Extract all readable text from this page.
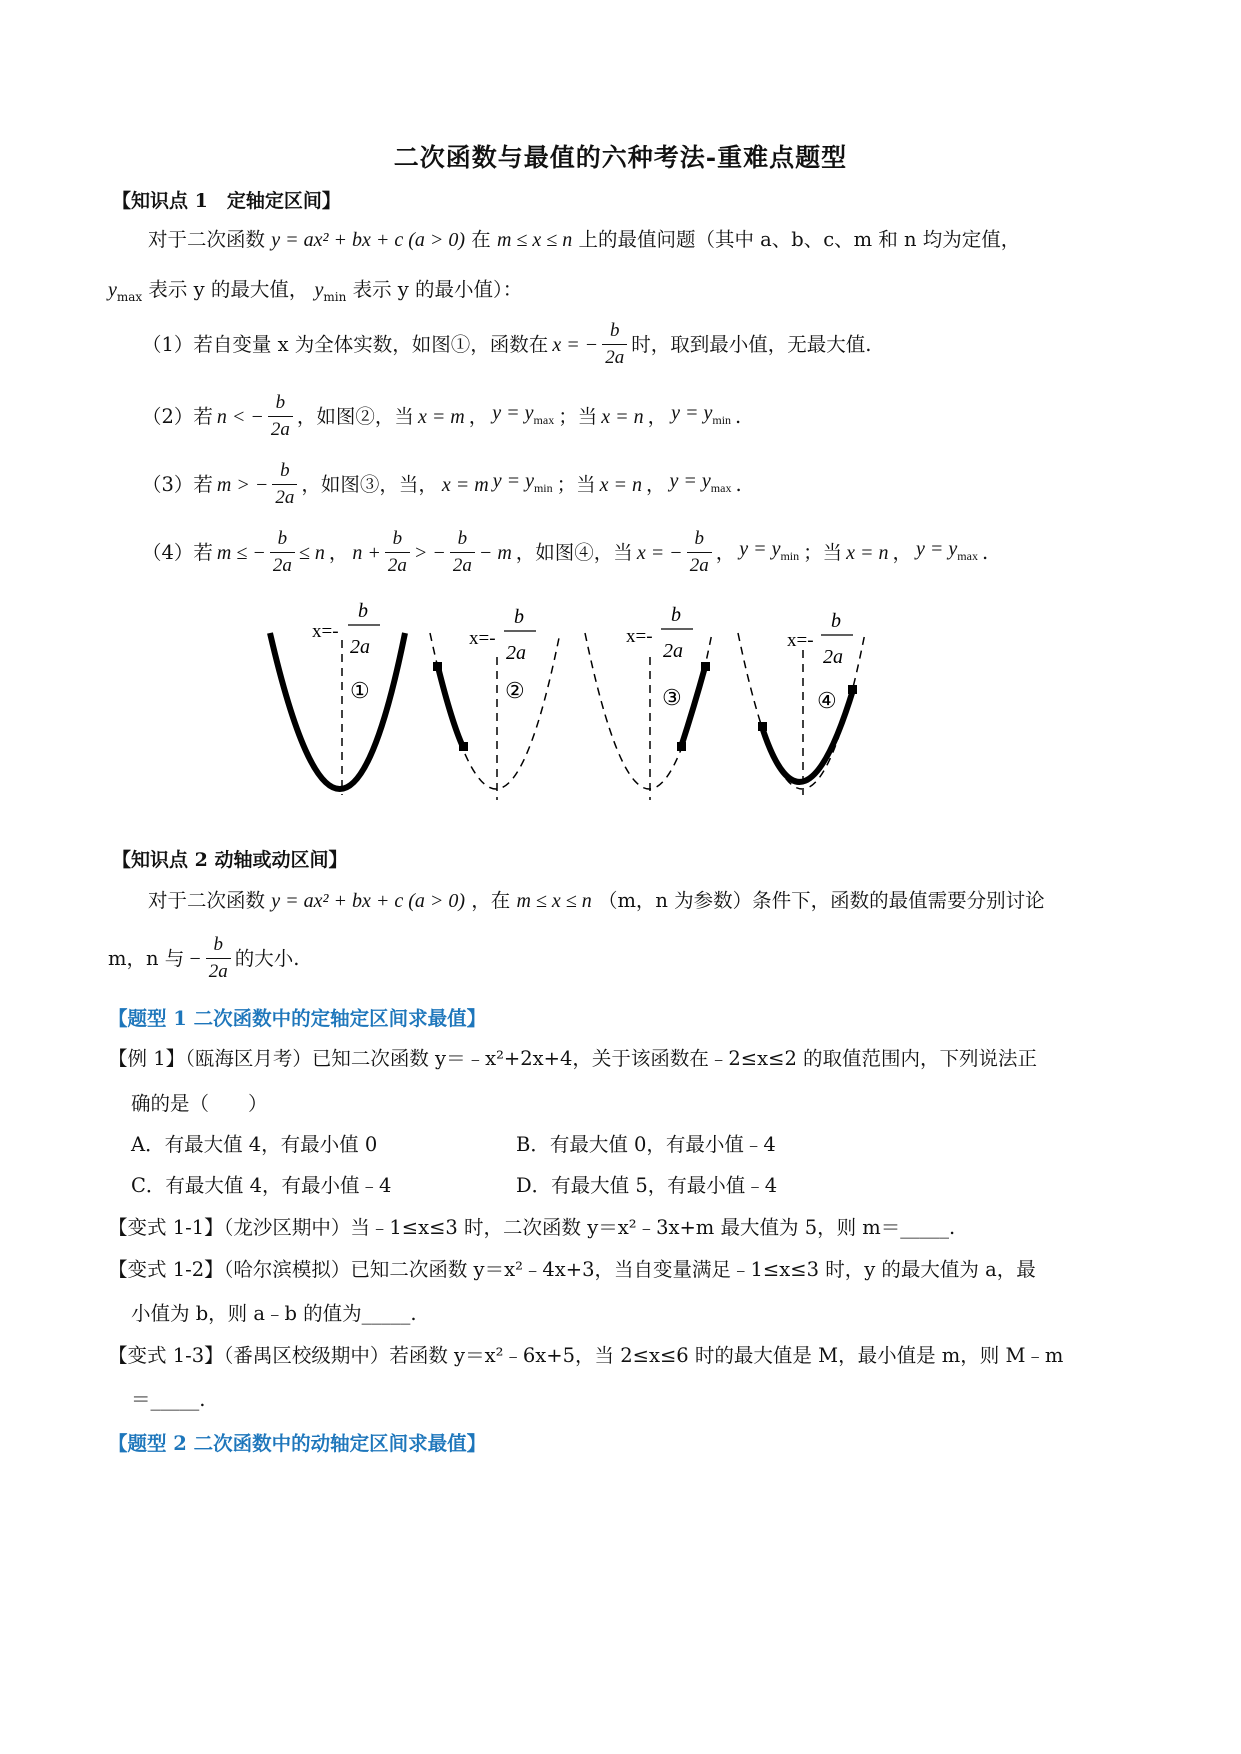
二次函数与最值的六种考法-重难点题型
【知识点 1　定轴定区间】
对于二次函数 y = ax² + bx + c (a > 0) 在 m ≤ x ≤ n 上的最值问题（其中 a、b、c、m 和 n 均为定值，
$y_{max}$ 表示 y 的最大值， $y_{min}$ 表示 y 的最小值）：
（1）若自变量 x 为全体实数，如图①，函数在 x = − $\frac{b}{2a}$ 时，取到最小值，无最大值.
（2）若 n < − $\frac{b}{2a}$ ，如图②，当 x = m ， $y = y_{max}$ ；当 x = n ， $y = y_{min}$ .
（3）若 m > − $\frac{b}{2a}$ ，如图③，当， x = m $y = y_{min}$ ；当 x = n ， $y = y_{max}$ .
（4）若 m ≤ − $\frac{b}{2a} \le n$ ， $n + \frac{b}{2a}$ > − $\frac{b}{2a} - m$ ，如图④，当 x = − $\frac{b}{2a}$ ， $y = y_{min}$ ；当 x = n ， $y = y_{max}$ .
x=-
b
2a
①
x=-
b
2a
②
x=-
b
2a
③
x=-
b
2a
④
【知识点 2 动轴或动区间】
对于二次函数 y = ax² + bx + c (a > 0) ，在 m ≤ x ≤ n （m，n 为参数）条件下，函数的最值需要分别讨论
m，n 与 − $\frac{b}{2a}$ 的大小.
【题型 1 二次函数中的定轴定区间求最值】
【例 1】（瓯海区月考）已知二次函数 y＝﹣x²+2x+4，关于该函数在﹣2≤x≤2 的取值范围内，下列说法正
确的是（　　）
A．有最大值 4，有最小值 0	B．有最大值 0，有最小值﹣4
C．有最大值 4，有最小值﹣4	D．有最大值 5，有最小值﹣4
【变式 1-1】（龙沙区期中）当﹣1≤x≤3 时，二次函数 y＝x²﹣3x+m 最大值为 5，则 m＝_____.
【变式 1-2】（哈尔滨模拟）已知二次函数 y＝x²﹣4x+3，当自变量满足﹣1≤x≤3 时，y 的最大值为 a，最
小值为 b，则 a﹣b 的值为_____.
【变式 1-3】（番禺区校级期中）若函数 y＝x²﹣6x+5，当 2≤x≤6 时的最大值是 M，最小值是 m，则 M﹣m
＝_____.
【题型 2 二次函数中的动轴定区间求最值】
